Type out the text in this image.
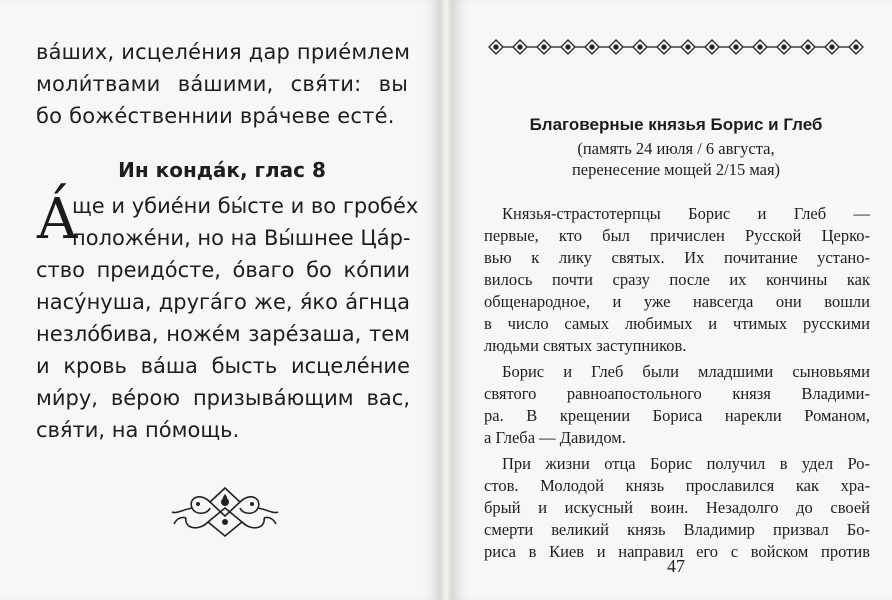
ва́ших, исцеле́ния дар прие́млем
моли́твами ва́шими, свя́ти: вы
бо боже́ственнии вра́чеве есте́.
Ин конда́к, глас 8
А́
ще и убие́ни бы́сте и во гробе́х
положе́ни, но на Вы́шнее Ца́р-
ство преидо́сте, о́ваго бо ко́пии
насу́нуша, друга́го же, я́ко а́гнца
незло́бива, ноже́м заре́заша, тем
и кровь ва́ша бысть исцеле́ние
ми́ру, ве́рою призыва́ющим вас,
свя́ти, на по́мощь.
Благоверные князья Борис и Глеб
(память 24 июля / 6 августа,
перенесение мощей 2/15 мая)
Князья-страстотерпцы Борис и Глеб —
первые, кто был причислен Русской Церко-
вью к лику святых. Их почитание устано-
вилось почти сразу после их кончины как
общенародное, и уже навсегда они вошли
в число самых любимых и чтимых русскими
людьми святых заступников.
Борис и Глеб были младшими сыновьями
святого равноапостольного князя Владими-
ра. В крещении Бориса нарекли Романом,
а Глеба — Давидом.
При жизни отца Борис получил в удел Ро-
стов. Молодой князь прославился как хра-
брый и искусный воин. Незадолго до своей
смерти великий князь Владимир призвал Бо-
риса в Киев и направил его с войском против
47
